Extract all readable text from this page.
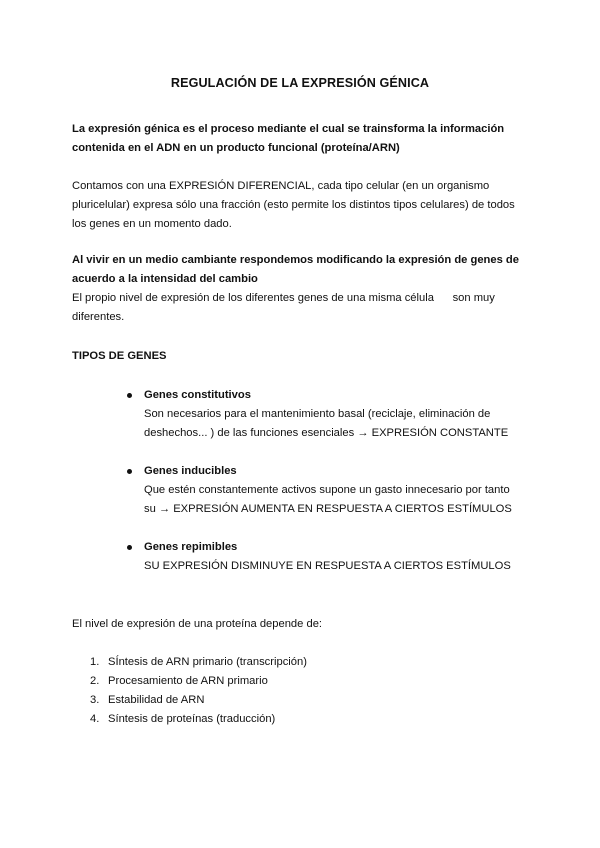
REGULACIÓN DE LA EXPRESIÓN GÉNICA
La expresión génica es el proceso mediante el cual se trainsforma la información
contenida en el ADN en un producto funcional (proteína/ARN)
Contamos con una EXPRESIÓN DIFERENCIAL, cada tipo celular (en un organismo
pluricelular) expresa sólo una fracción (esto permite los distintos tipos celulares) de todos
los genes en un momento dado.
Al vivir en un medio cambiante respondemos modificando la expresión de genes de
acuerdo a la intensidad del cambio
El propio nivel de expresión de los diferentes genes de una misma célula      son muy
diferentes.
TIPOS DE GENES
Genes constitutivos
Son necesarios para el mantenimiento basal (reciclaje, eliminación de
deshechos... ) de las funciones esenciales → EXPRESIÓN CONSTANTE
Genes inducibles
Que estén constantemente activos supone un gasto innecesario por tanto
su → EXPRESIÓN AUMENTA EN RESPUESTA A CIERTOS ESTÍMULOS
Genes repimibles
SU EXPRESIÓN DISMINUYE EN RESPUESTA A CIERTOS ESTÍMULOS
El nivel de expresión de una proteína depende de:
1. SÍntesis de ARN primario (transcripción)
2. Procesamiento de ARN primario
3. Estabilidad de ARN
4. Síntesis de proteínas (traducción)
